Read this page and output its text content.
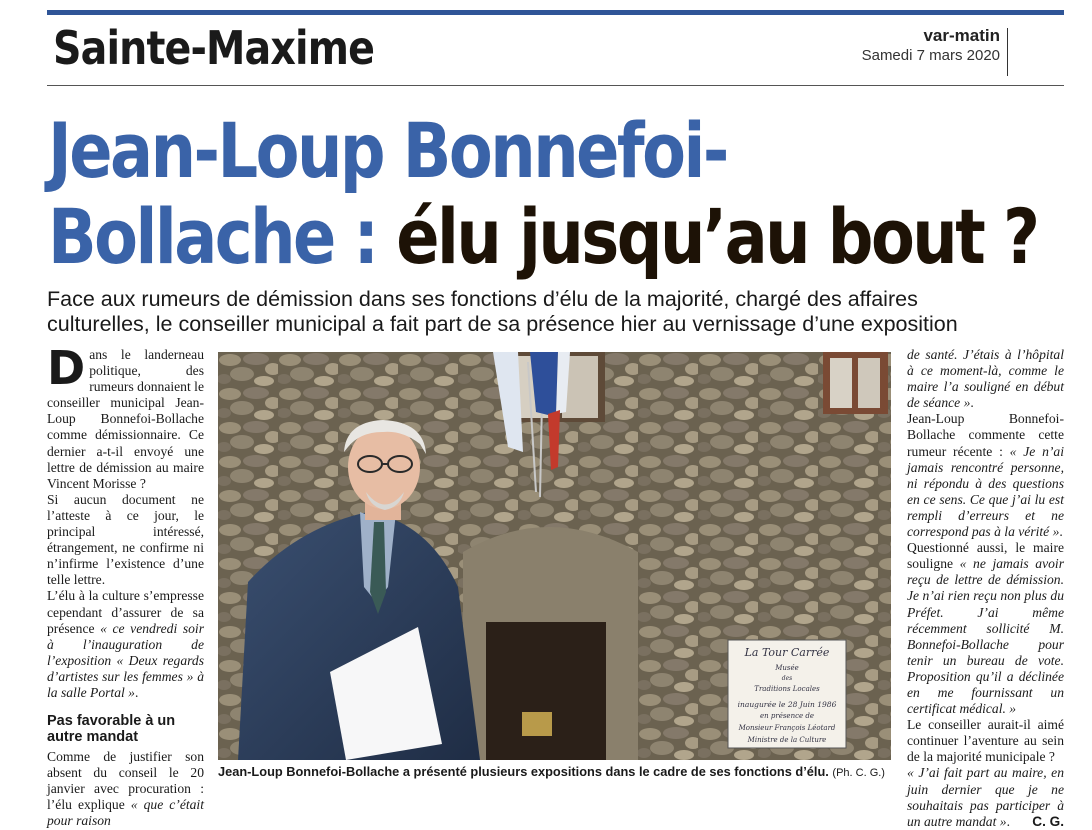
Sainte-Maxime	var-matin
Samedi 7 mars 2020
Jean-Loup Bonnefoi-
Bollache : élu jusqu’au bout ?
Face aux rumeurs de démission dans ses fonctions d’élu de la majorité, chargé des affaires
culturelles, le conseiller municipal a fait part de sa présence hier au vernissage d’une exposition

Dans le landerneau politique, des rumeurs donnaient le conseiller municipal Jean-Loup Bonnefoi-Bollache comme démissionnaire. Ce dernier a-t-il envoyé une lettre de démission au maire Vincent Morisse ?

Si aucun document ne l’atteste à ce jour, le principal intéressé, étrangement, ne confirme ni n’infirme l’existence d’une telle lettre.

L’élu à la culture s’empresse cependant d’assurer de sa présence « ce vendredi soir à l’inauguration de l’exposition « Deux regards d’artistes sur les femmes » à la salle Portal ».

Pas favorable à un autre mandat

Comme de justifier son absent du conseil le 20 janvier avec procuration : l’élu explique « que c’était pour raison

La Tour Carrée
Musée
des
Traditions Locales
inaugurée le 28 Juin 1986
en présence de
Monsieur François Léotard
Ministre de la Culture
Jean-Loup Bonnefoi-Bollache a présenté plusieurs expositions dans le cadre de ses fonctions d’élu. (Ph. C. G.)

de santé. J’étais à l’hôpital à ce moment-là, comme le maire l’a souligné en début de séance ».

Jean-Loup Bonnefoi-Bollache commente cette rumeur récente : « Je n’ai jamais rencontré personne, ni répondu à des questions en ce sens. Ce que j’ai lu est rempli d’erreurs et ne correspond pas à la vérité ».

Questionné aussi, le maire souligne « ne jamais avoir reçu de lettre de démission. Je n’ai rien reçu non plus du Préfet. J’ai même récemment sollicité M. Bonnefoi-Bollache pour tenir un bureau de vote. Proposition qu’il a déclinée en me fournissant un certificat médical. »

Le conseiller aurait-il aimé continuer l’aventure au sein de la majorité municipale ?

« J’ai fait part au maire, en juin dernier que je ne souhaitais pas participer à un autre mandat ». C. G.
